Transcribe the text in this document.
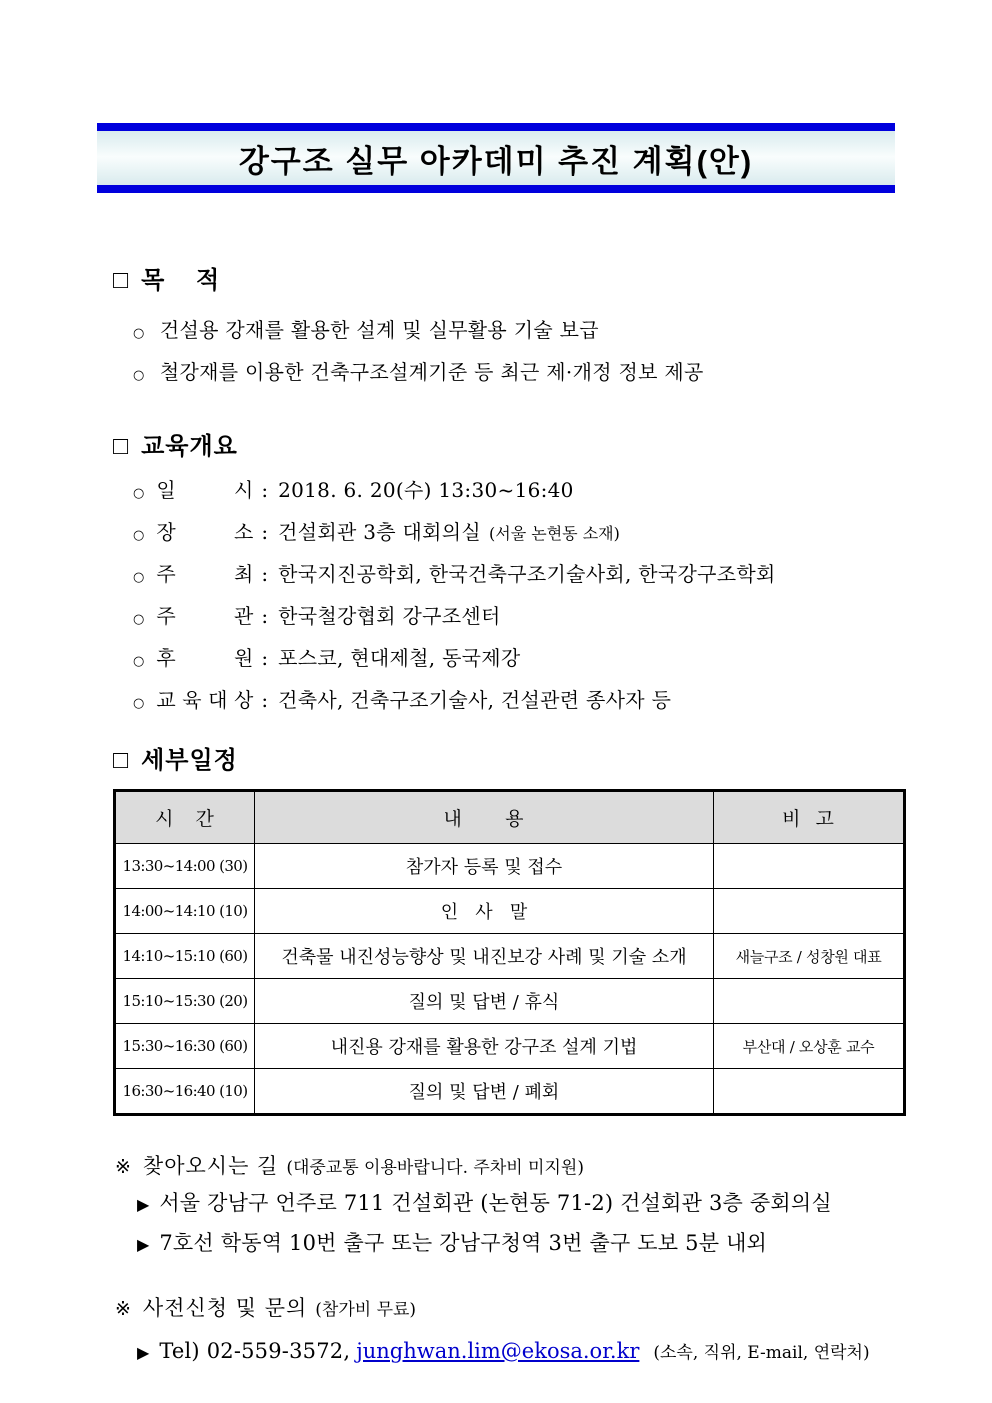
강구조 실무 아카데미 추진 계획(안)
□ 목    적
○ 건설용 강재를 활용한 설계 및 실무활용 기술 보급
○ 철강재를 이용한 건축구조설계기준 등 최근 제·개정 정보 제공
□ 교육개요
○ 일	시 : 2018. 6. 20(수) 13:30~16:40
○ 장	소 : 건설회관 3층 대회의실 (서울 논현동 소재)
○ 주	최 : 한국지진공학회, 한국건축구조기술사회, 한국강구조학회
○ 주	관 : 한국철강협회 강구조센터
○ 후	원 : 포스코, 현대제철, 동국제강
○ 교 육 대 상 : 건축사, 건축구조기술사, 건설관련 종사자 등
□ 세부일정
시   간	내      용	비  고
13:30~14:00 (30)	참가자 등록 및 접수	
14:00~14:10 (10)	인   사   말	
14:10~15:10 (60)	건축물 내진성능향상 및 내진보강 사례 및 기술 소개	새늘구조 / 성창원 대표
15:10~15:30 (20)	질의 및 답변 / 휴식	
15:30~16:30 (60)	내진용 강재를 활용한 강구조 설계 기법	부산대 / 오상훈 교수
16:30~16:40 (10)	질의 및 답변 / 폐회	
※ 찾아오시는 길 (대중교통 이용바랍니다. 주차비 미지원)
▶ 서울 강남구 언주로 711 건설회관 (논현동 71-2) 건설회관 3층 중회의실
▶ 7호선 학동역 10번 출구 또는 강남구청역 3번 출구 도보 5분 내외
※ 사전신청 및 문의 (참가비 무료)
▶ Tel) 02-559-3572, junghwan.lim@ekosa.or.kr (소속, 직위, E-mail, 연락처)
